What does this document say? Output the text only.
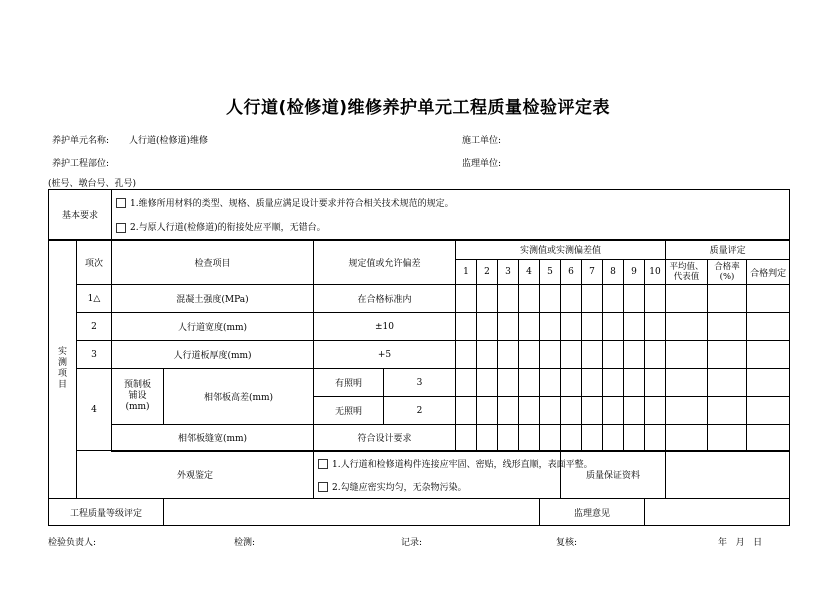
人行道(检修道)维修养护单元工程质量检验评定表
养护单元名称: 人行道(检修道)维修	施工单位:
养护工程部位:	监理单位:
(桩号、墩台号、孔号)
基本要求		1.维修所用材料的类型、规格、质量应满足设计要求并符合相关技术规范的规定。																
		2.与原人行道(检修道)的衔接处应平顺，无错台。																

实测项目	项次	检查项目		规定值或允许偏差		实测值或实测偏差值										质量评定		
						1	2	3	4	5	6	7	8	9	10	平均值、代表值	合格率(%)	合格判定
	1△	混凝土强度(MPa)		在合格标准内														
	2	人行道宽度(mm)		±10														
	3	人行道板厚度(mm)		+5														
	4	预制板铺设(mm)	相邻板高差(mm)	有照明	3													
				无照明	2													
		相邻板缝宽(mm)		符合设计要求														
	外观鉴定			1.人行道和检修道构件连接应牢固、密贴，线形直顺，表面平整。							质量保证资料							
				2.勾缝应密实均匀，无杂物污染。														
工程质量等级评定										监理意见								
检验负责人:	检测:	记录:	复核:	年   月   日
